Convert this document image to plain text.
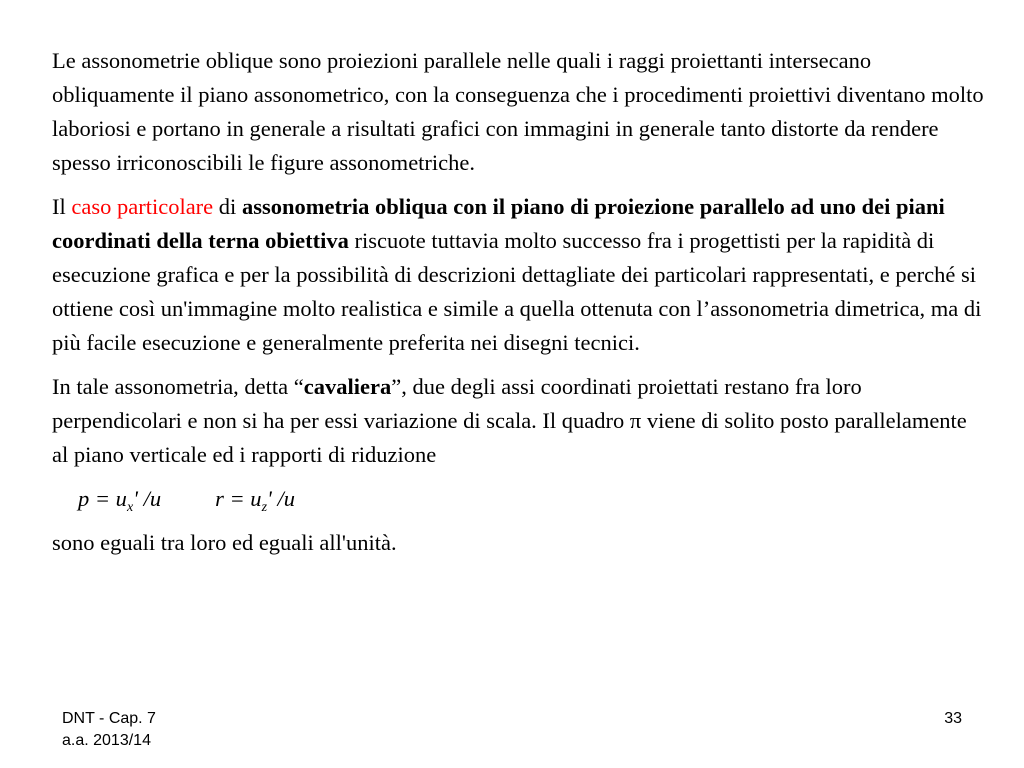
Le assonometrie oblique sono proiezioni parallele nelle quali i raggi proiettanti intersecano obliquamente il piano assonometrico, con la conseguenza che i procedimenti proiettivi diventano molto laboriosi e portano in generale a risultati grafici con immagini in generale tanto distorte da rendere spesso irriconoscibili le figure assonometriche.

Il caso particolare di assonometria obliqua con il piano di proiezione parallelo ad uno dei piani coordinati della terna obiettiva riscuote tuttavia molto successo fra i progettisti per la rapidità di esecuzione grafica e per la possibilità di descrizioni dettagliate dei particolari rappresentati, e perché si ottiene così un'immagine molto realistica e simile a quella ottenuta con l’assonometria dimetrica, ma di più facile esecuzione e generalmente preferita nei disegni tecnici.

In tale assonometria, detta “cavaliera”, due degli assi coordinati proiettati restano fra loro perpendicolari e non si ha per essi variazione di scala. Il quadro π viene di solito posto parallelamente al piano verticale ed i rapporti di riduzione

$p = u_x'$ /u $r = u_z'$ /u

sono eguali tra loro ed eguali all'unità.

DNT - Cap. 7
a.a. 2013/14
33
